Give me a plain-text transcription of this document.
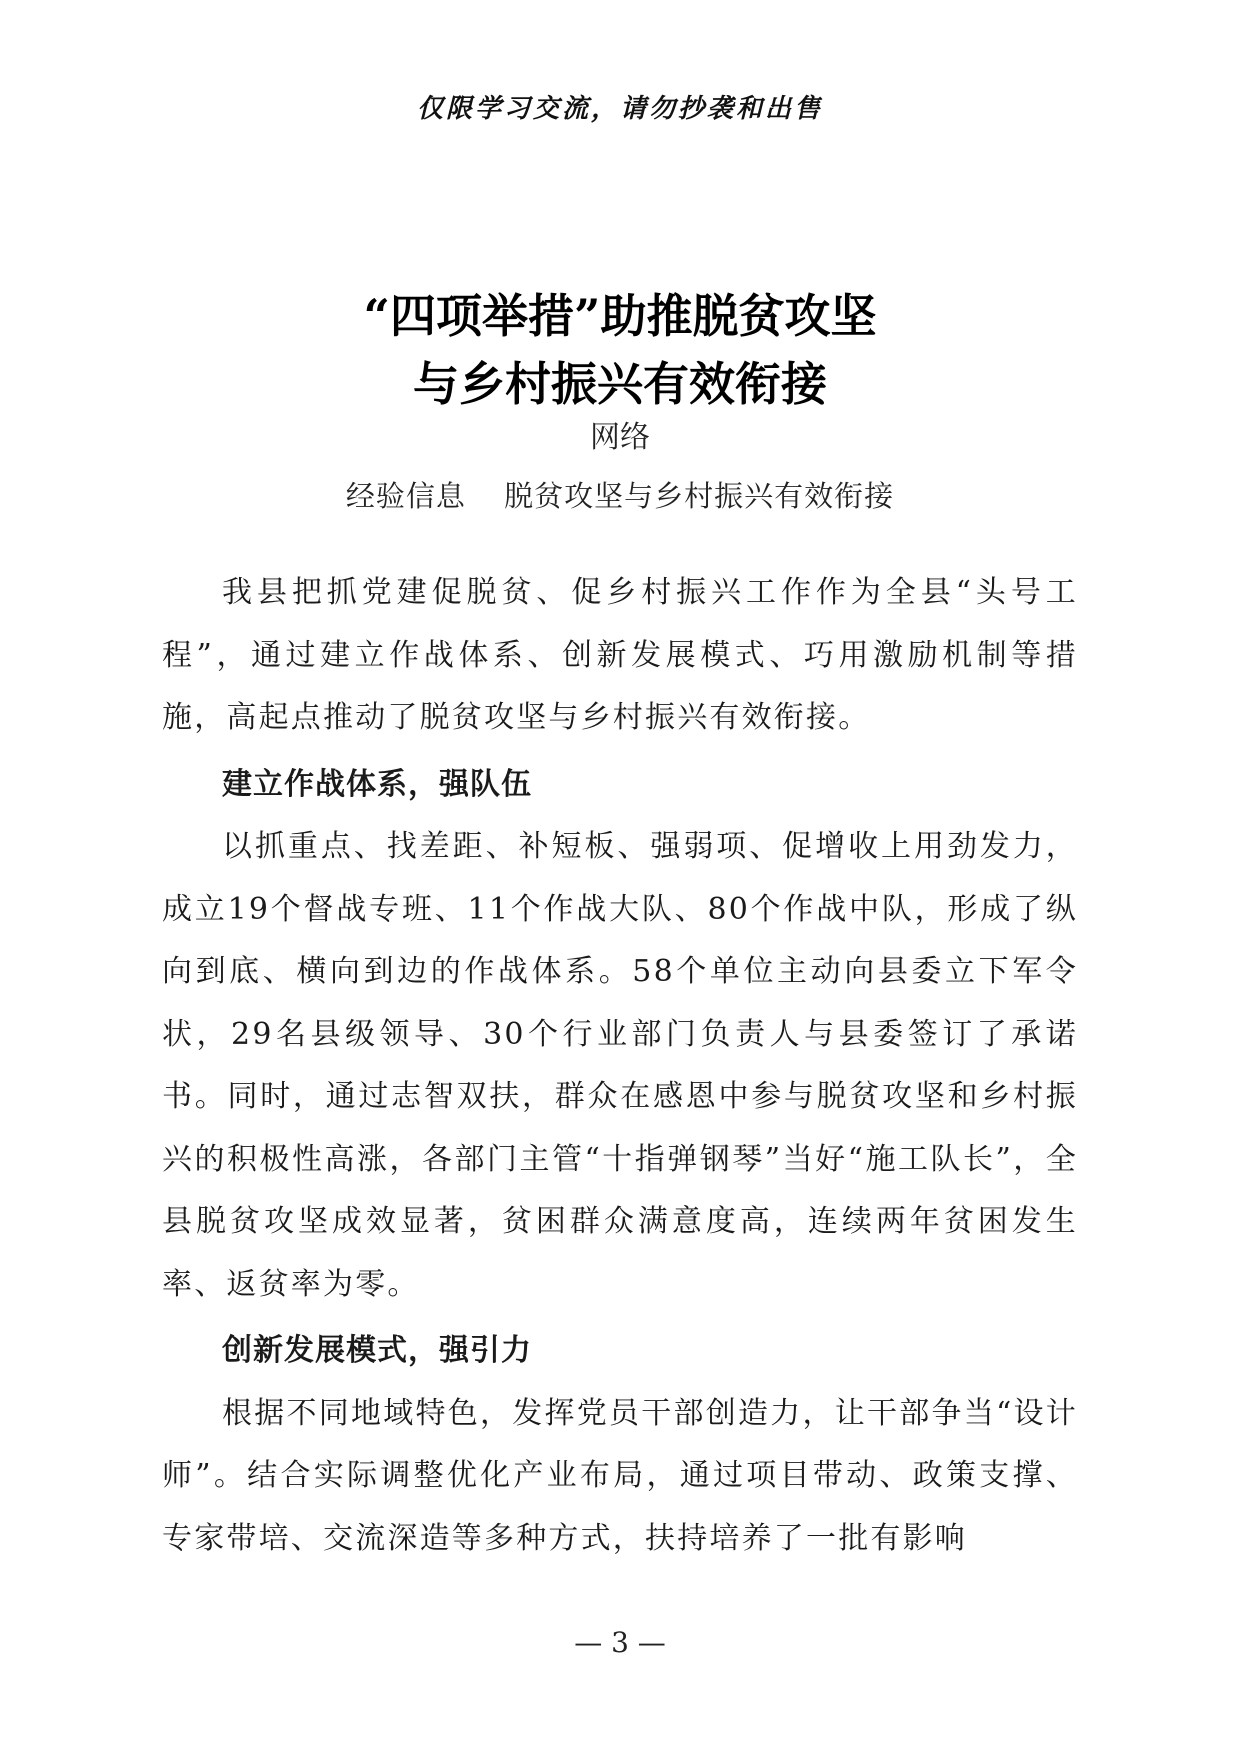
仅限学习交流，请勿抄袭和出售
“四项举措”助推脱贫攻坚
与乡村振兴有效衔接
网络
经验信息 脱贫攻坚与乡村振兴有效衔接

我县把抓党建促脱贫、促乡村振兴工作作为全县“头号工程”，通过建立作战体系、创新发展模式、巧用激励机制等措施，高起点推动了脱贫攻坚与乡村振兴有效衔接。

建立作战体系，强队伍

以抓重点、找差距、补短板、强弱项、促增收上用劲发力，成立19个督战专班、11个作战大队、80个作战中队，形成了纵向到底、横向到边的作战体系。58个单位主动向县委立下军令状，29名县级领导、30个行业部门负责人与县委签订了承诺书。同时，通过志智双扶，群众在感恩中参与脱贫攻坚和乡村振兴的积极性高涨，各部门主管“十指弹钢琴”当好“施工队长”，全县脱贫攻坚成效显著，贫困群众满意度高，连续两年贫困发生率、返贫率为零。

创新发展模式，强引力

根据不同地域特色，发挥党员干部创造力，让干部争当“设计师”。结合实际调整优化产业布局，通过项目带动、政策支撑、专家带培、交流深造等多种方式，扶持培养了一批有影响

— 3 —
